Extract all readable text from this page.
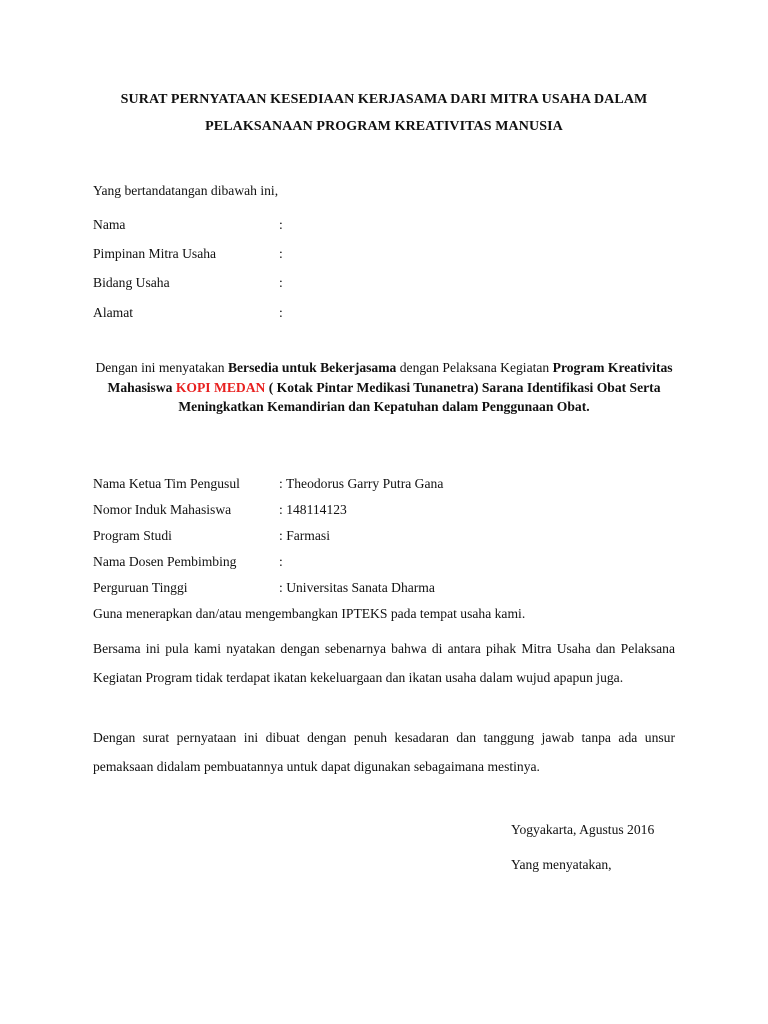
SURAT PERNYATAAN KESEDIAAN KERJASAMA DARI MITRA USAHA DALAM
PELAKSANAAN PROGRAM KREATIVITAS MANUSIA
Yang bertandatangan dibawah ini,
Nama	:
Pimpinan Mitra Usaha	:
Bidang Usaha	:
Alamat	:
Dengan ini menyatakan Bersedia untuk Bekerjasama dengan Pelaksana Kegiatan Program Kreativitas Mahasiswa KOPI MEDAN ( Kotak Pintar Medikasi Tunanetra) Sarana Identifikasi Obat Serta Meningkatkan Kemandirian dan Kepatuhan dalam Penggunaan Obat.
Nama Ketua Tim Pengusul	: Theodorus Garry Putra Gana
Nomor Induk Mahasiswa	: 148114123
Program Studi	: Farmasi
Nama Dosen Pembimbing	:
Perguruan Tinggi	: Universitas Sanata Dharma
Guna menerapkan dan/atau mengembangkan IPTEKS pada tempat usaha kami.
Bersama ini pula kami nyatakan dengan sebenarnya bahwa di antara pihak Mitra Usaha dan Pelaksana Kegiatan Program tidak terdapat ikatan kekeluargaan dan ikatan usaha dalam wujud apapun juga.
Dengan surat pernyataan ini dibuat dengan penuh kesadaran dan tanggung jawab tanpa ada unsur pemaksaan didalam pembuatannya untuk dapat digunakan sebagaimana mestinya.
Yogyakarta, Agustus 2016
Yang menyatakan,
